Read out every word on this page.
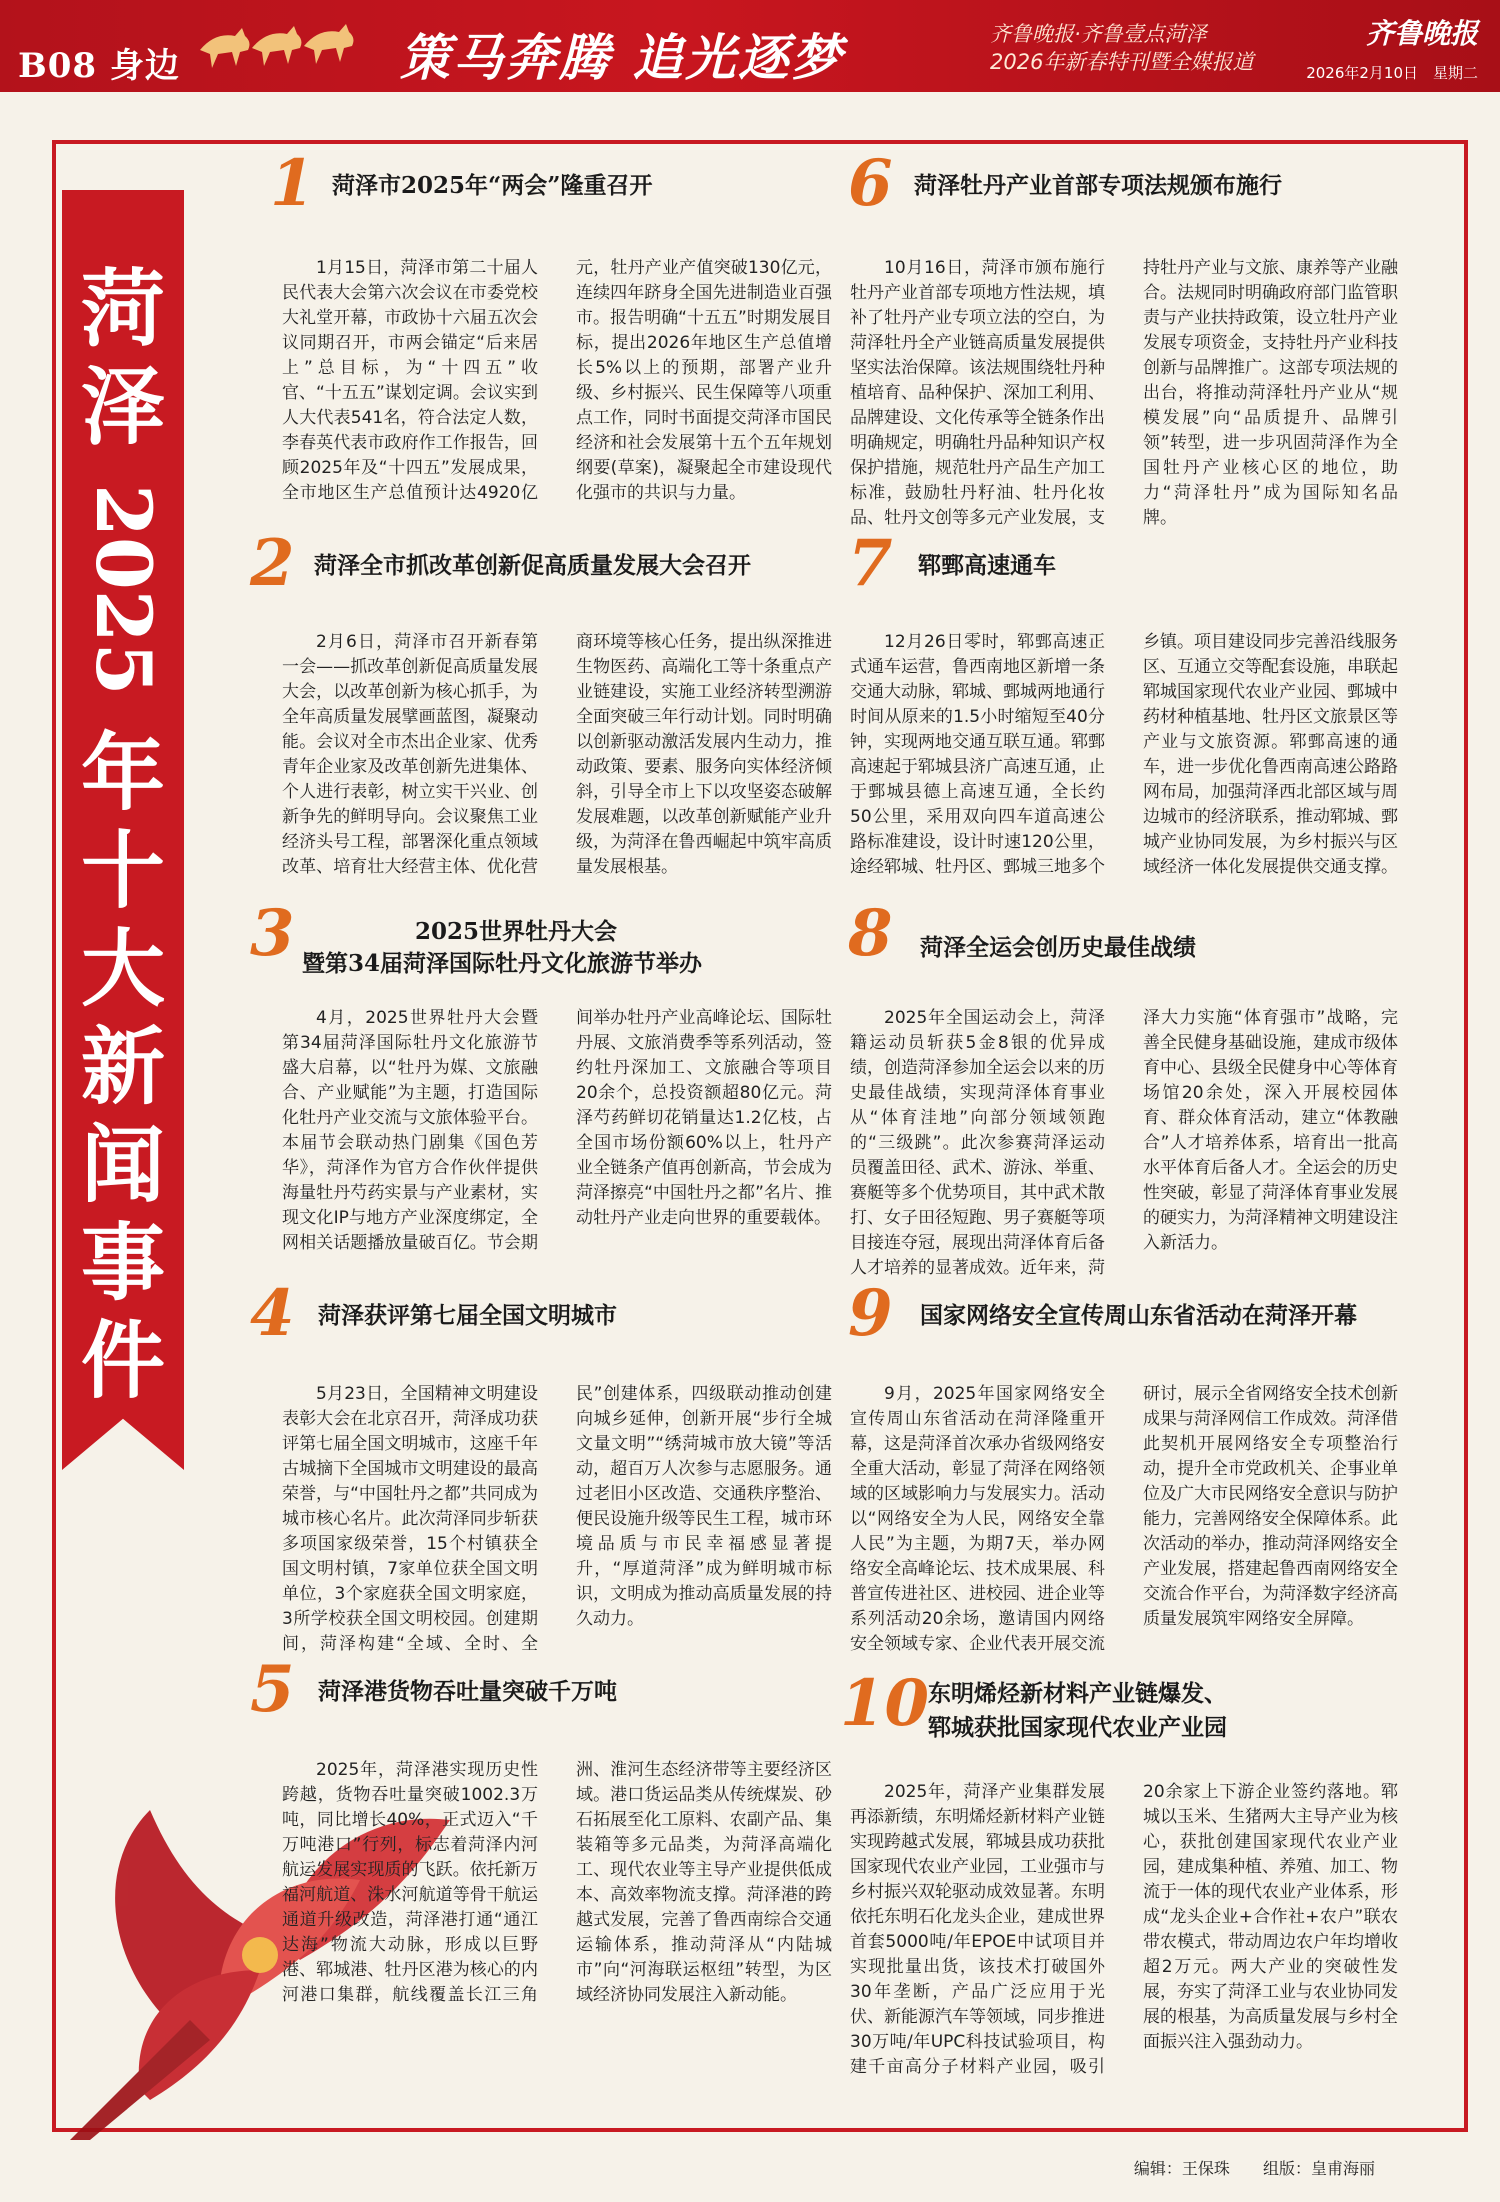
B08 身边	策马奔腾 追光逐梦	齐鲁晚报·齐鲁壹点菏泽
2026年新春特刊暨全媒报道
齐鲁晚报
2026年2月10日　星期二
菏泽
2025
年十大新闻事件
1 菏泽市2025年“两会”隆重召开

1月15日，菏泽市第二十届人民代表大会第六次会议在市委党校大礼堂开幕，市政协十六届五次会议同期召开，市两会锚定“后来居上”总目标，为“十四五”收官、“十五五”谋划定调。会议实到人大代表541名，符合法定人数，李春英代表市政府作工作报告，回顾2025年及“十四五”发展成果，全市地区生产总值预计达4920亿元，牡丹产业产值突破130亿元，连续四年跻身全国先进制造业百强市。报告明确“十五五”时期发展目标，提出2026年地区生产总值增长5%以上的预期，部署产业升级、乡村振兴、民生保障等八项重点工作，同时书面提交菏泽市国民经济和社会发展第十五个五年规划纲要(草案)，凝聚起全市建设现代化强市的共识与力量。

6 菏泽牡丹产业首部专项法规颁布施行

10月16日，菏泽市颁布施行牡丹产业首部专项地方性法规，填补了牡丹产业专项立法的空白，为菏泽牡丹全产业链高质量发展提供坚实法治保障。该法规围绕牡丹种植培育、品种保护、深加工利用、品牌建设、文化传承等全链条作出明确规定，明确牡丹品种知识产权保护措施，规范牡丹产品生产加工标准，鼓励牡丹籽油、牡丹化妆品、牡丹文创等多元产业发展，支持牡丹产业与文旅、康养等产业融合。法规同时明确政府部门监管职责与产业扶持政策，设立牡丹产业发展专项资金，支持牡丹产业科技创新与品牌推广。这部专项法规的出台，将推动菏泽牡丹产业从“规模发展”向“品质提升、品牌引领”转型，进一步巩固菏泽作为全国牡丹产业核心区的地位，助力“菏泽牡丹”成为国际知名品牌。

2 菏泽全市抓改革创新促高质量发展大会召开

2月6日，菏泽市召开新春第一会——抓改革创新促高质量发展大会，以改革创新为核心抓手，为全年高质量发展擘画蓝图，凝聚动能。会议对全市杰出企业家、优秀青年企业家及改革创新先进集体、个人进行表彰，树立实干兴业、创新争先的鲜明导向。会议聚焦工业经济头号工程，部署深化重点领域改革、培育壮大经营主体、优化营商环境等核心任务，提出纵深推进生物医药、高端化工等十条重点产业链建设，实施工业经济转型溯游全面突破三年行动计划。同时明确以创新驱动激活发展内生动力，推动政策、要素、服务向实体经济倾斜，引导全市上下以攻坚姿态破解发展难题，以改革创新赋能产业升级，为菏泽在鲁西崛起中筑牢高质量发展根基。

7 郓鄄高速通车

12月26日零时，郓鄄高速正式通车运营，鲁西南地区新增一条交通大动脉，郓城、鄄城两地通行时间从原来的1.5小时缩短至40分钟，实现两地交通互联互通。郓鄄高速起于郓城县济广高速互通，止于鄄城县德上高速互通，全长约50公里，采用双向四车道高速公路标准建设，设计时速120公里，途经郓城、牡丹区、鄄城三地多个乡镇。项目建设同步完善沿线服务区、互通立交等配套设施，串联起郓城国家现代农业产业园、鄄城中药材种植基地、牡丹区文旅景区等产业与文旅资源。郓鄄高速的通车，进一步优化鲁西南高速公路路网布局，加强菏泽西北部区域与周边城市的经济联系，推动郓城、鄄城产业协同发展，为乡村振兴与区域经济一体化发展提供交通支撑。

3	2025世界牡丹大会
暨第34届菏泽国际牡丹文化旅游节举办

4月，2025世界牡丹大会暨第34届菏泽国际牡丹文化旅游节盛大启幕，以“牡丹为媒、文旅融合、产业赋能”为主题，打造国际化牡丹产业交流与文旅体验平台。本届节会联动热门剧集《国色芳华》，菏泽作为官方合作伙伴提供海量牡丹芍药实景与产业素材，实现文化IP与地方产业深度绑定，全网相关话题播放量破百亿。节会期间举办牡丹产业高峰论坛、国际牡丹展、文旅消费季等系列活动，签约牡丹深加工、文旅融合等项目20余个，总投资额超80亿元。菏泽芍药鲜切花销量达1.2亿枝，占全国市场份额60%以上，牡丹产业全链条产值再创新高，节会成为菏泽擦亮“中国牡丹之都”名片、推动牡丹产业走向世界的重要载体。

8 菏泽全运会创历史最佳战绩

2025年全国运动会上，菏泽籍运动员斩获5金8银的优异成绩，创造菏泽参加全运会以来的历史最佳战绩，实现菏泽体育事业从“体育洼地”向部分领域领跑的“三级跳”。此次参赛菏泽运动员覆盖田径、武术、游泳、举重、赛艇等多个优势项目，其中武术散打、女子田径短跑、男子赛艇等项目接连夺冠，展现出菏泽体育后备人才培养的显著成效。近年来，菏泽大力实施“体育强市”战略，完善全民健身基础设施，建成市级体育中心、县级全民健身中心等体育场馆20余处，深入开展校园体育、群众体育活动，建立“体教融合”人才培养体系，培育出一批高水平体育后备人才。全运会的历史性突破，彰显了菏泽体育事业发展的硬实力，为菏泽精神文明建设注入新活力。

4 菏泽获评第七届全国文明城市

5月23日，全国精神文明建设表彰大会在北京召开，菏泽成功获评第七届全国文明城市，这座千年古城摘下全国城市文明建设的最高荣誉，与“中国牡丹之都”共同成为城市核心名片。此次菏泽同步斩获多项国家级荣誉，15个村镇获全国文明村镇，7家单位获全国文明单位，3个家庭获全国文明家庭，3所学校获全国文明校园。创建期间，菏泽构建“全域、全时、全民”创建体系，四级联动推动创建向城乡延伸，创新开展“步行全城 文量文明”“绣菏城市放大镜”等活动，超百万人次参与志愿服务。通过老旧小区改造、交通秩序整治、便民设施升级等民生工程，城市环境品质与市民幸福感显著提升，“厚道菏泽”成为鲜明城市标识，文明成为推动高质量发展的持久动力。

9 国家网络安全宣传周山东省活动在菏泽开幕

9月，2025年国家网络安全宣传周山东省活动在菏泽隆重开幕，这是菏泽首次承办省级网络安全重大活动，彰显了菏泽在网络领域的区域影响力与发展实力。活动以“网络安全为人民，网络安全靠人民”为主题，为期7天，举办网络安全高峰论坛、技术成果展、科普宣传进社区、进校园、进企业等系列活动20余场，邀请国内网络安全领域专家、企业代表开展交流研讨，展示全省网络安全技术创新成果与菏泽网信工作成效。菏泽借此契机开展网络安全专项整治行动，提升全市党政机关、企事业单位及广大市民网络安全意识与防护能力，完善网络安全保障体系。此次活动的举办，推动菏泽网络安全产业发展，搭建起鲁西南网络安全交流合作平台，为菏泽数字经济高质量发展筑牢网络安全屏障。

5 菏泽港货物吞吐量突破千万吨

2025年，菏泽港实现历史性跨越，货物吞吐量突破1002.3万吨，同比增长40%，正式迈入“千万吨港口”行列，标志着菏泽内河航运发展实现质的飞跃。依托新万福河航道、洙水河航道等骨干航运通道升级改造，菏泽港打通“通江达海”物流大动脉，形成以巨野港、郓城港、牡丹区港为核心的内河港口集群，航线覆盖长江三角洲、淮河生态经济带等主要经济区域。港口货运品类从传统煤炭、砂石拓展至化工原料、农副产品、集装箱等多元品类，为菏泽高端化工、现代农业等主导产业提供低成本、高效率物流支撑。菏泽港的跨越式发展，完善了鲁西南综合交通运输体系，推动菏泽从“内陆城市”向“河海联运枢纽”转型，为区域经济协同发展注入新动能。

10
东明烯烃新材料产业链爆发、
郓城获批国家现代农业产业园

2025年，菏泽产业集群发展再添新绩，东明烯烃新材料产业链实现跨越式发展，郓城县成功获批国家现代农业产业园，工业强市与乡村振兴双轮驱动成效显著。东明依托东明石化龙头企业，建成世界首套5000吨/年EPOE中试项目并实现批量出货，该技术打破国外30年垄断，产品广泛应用于光伏、新能源汽车等领域，同步推进30万吨/年UPC科技试验项目，构建千亩高分子材料产业园，吸引20余家上下游企业签约落地。郓城以玉米、生猪两大主导产业为核心，获批创建国家现代农业产业园，建成集种植、养殖、加工、物流于一体的现代农业产业体系，形成“龙头企业+合作社+农户”联农带农模式，带动周边农户年均增收超2万元。两大产业的突破性发展，夯实了菏泽工业与农业协同发展的根基，为高质量发展与乡村全面振兴注入强劲动力。

编辑：王保珠 组版：皇甫海丽
